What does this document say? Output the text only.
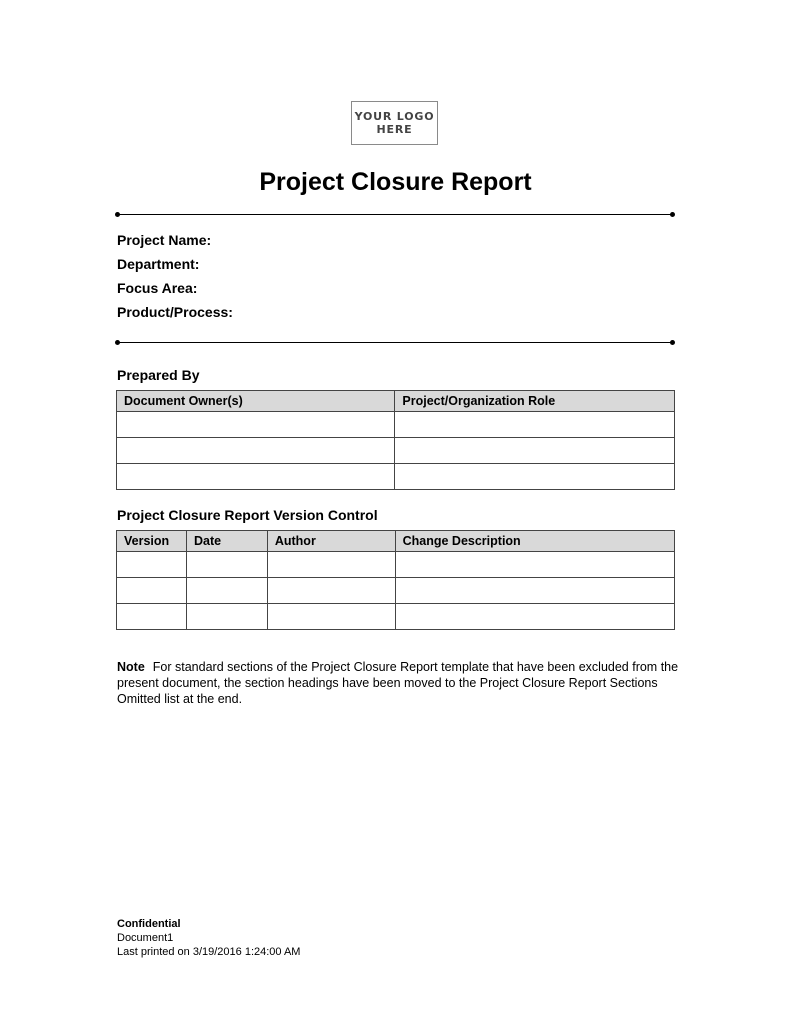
YOUR LOGO
HERE
Project Closure Report
Project Name:
Department:
Focus Area:
Product/Process:
Prepared By
Document Owner(s)	Project/Organization Role

Project Closure Report Version Control
Version	Date	Author	Change Description

Note For standard sections of the Project Closure Report template that have been excluded from the present document, the section headings have been moved to the Project Closure Report Sections Omitted list at the end.
Confidential
Document1
Last printed on 3/19/2016 1:24:00 AM
